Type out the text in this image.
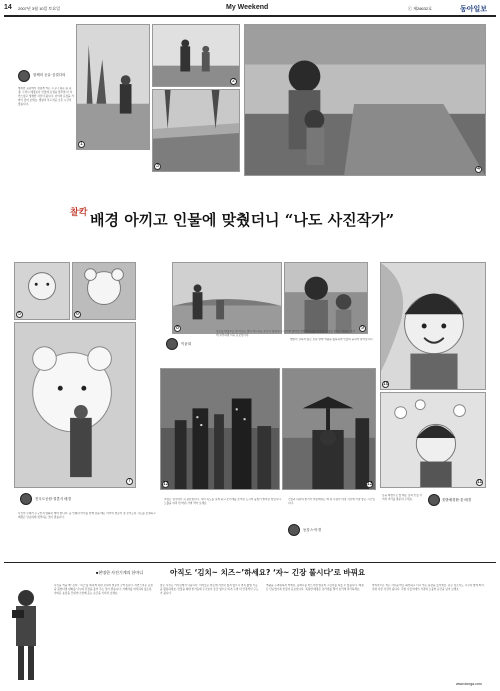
14 2007년 3월 10일 토요일	My Weekend	ⓒ 제26632호	동아일보
함께의 공유·심결다의
행복한 공원에서 정겹게 찍는 누구나 쉬운 봄 풍경. 그러나 배경보다 인물에 초점을 맞추면 더 자연스럽고 생생한 사진이 됩니다. 아이의 표정을 가까이 담아 보세요. 햇살이 부드러운 오후 시간이 좋습니다.
1
2
3	4
찰칵 배경 아끼고 인물에 맞췄더니 “나도 사진작가”
5	6
7
8
이윤희
9
호수를 배경으로 한 사진은 빛이 부드러운 오후가 좋습니다. 아이와 엄마가 함께한 사진은 인물에 초점을 맞추고 배경은 흐리게 처리하면 더욱 돋보입니다.
10
11
햇빛이 강하지 않은 흐린 날에 역광을 활용하면 인물의 윤곽이 살아납니다.
12	13
전우도공원·결혼식 배경
사진의 주제가 누구인지 명확히 해야 합니다. 곰 인형과 아이를 함께 담을 때는 아이의 얼굴이 잘 보이도록 각도를 조절하고 배경은 단순하게 정리하는 것이 좋습니다.
야경은 삼각대가 꼭 필요합니다. 셔터 속도를 길게 하고 조리개를 조이면 도시의 불빛이 별처럼 빛납니다. 노출을 여러 번 바꿔 가며 찍어 보세요.
건물과 하늘의 밝기가 비슷해지는 해 질 무렵이 야경 사진에 가장 좋은 시간입니다.
동강스·아경
꽃을 배경으로 할 때는 꽃과 인물 사이의 거리를 충분히 두세요.	꽃밭배경환·꽃 배경
■현명한 사진기계의 한마디	아직도 ‘김치~ 치즈~’하세요? ‘자~ 긴장 풀시다’로 바꿔요
사진을 찍을 때 '김치', '치즈'를 외치게 하면 오히려 얼굴이 굳어집니다. 자연스러운 표정을 원한다면 대화를 나누며 긴장을 풀어 주는 것이 좋습니다. 카메라를 의식하지 않도록 가벼운 농담을 건네거나 함께 웃는 순간을 기다려 보세요.
좋은 사진은 기다림에서 나옵니다. 아이들은 한곳에 가만히 있지 않으니 연속 촬영 기능을 활용하세요. 인물을 화면 한가운데 두기보다 조금 옆으로 비켜 두면 더 안정적인 구도가 됩니다.
역광을 두려워하지 마세요. 플래시를 터뜨리면 얼굴의 그림자를 지울 수 있습니다. 배경은 단순할수록 인물이 돋보입니다. 복잡한 배경은 조리개를 열어 흐리게 처리하세요.
마지막으로 찍은 사진을 바로 확인하고 다시 찍는 습관을 들이세요. 같은 장소라도 시간과 빛에 따라 전혀 다른 사진이 됩니다. 주말 나들이에서 가족의 소중한 순간을 남겨 보세요.
www.donga.com
